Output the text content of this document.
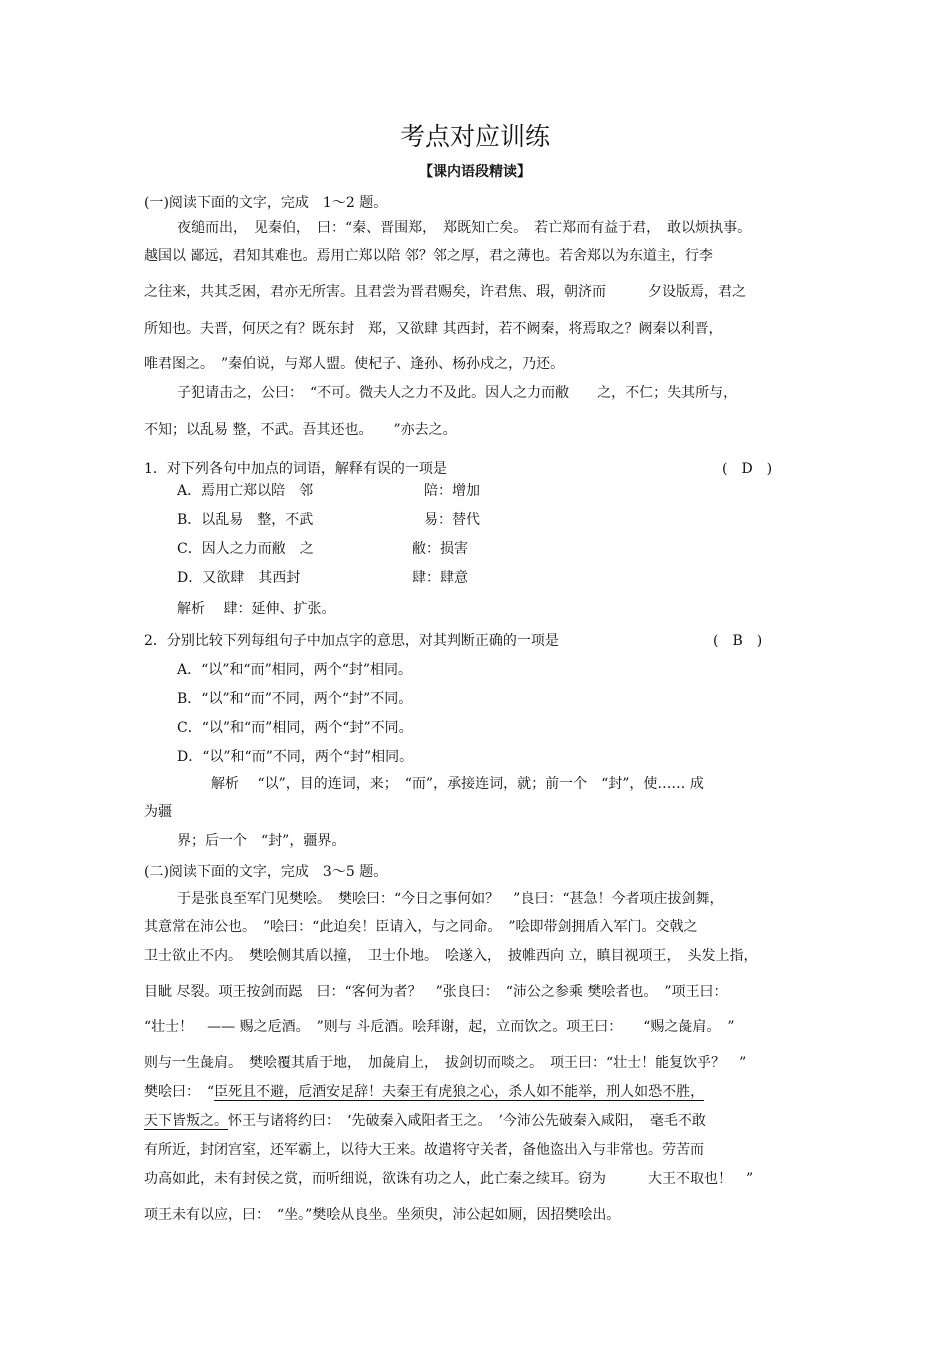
考点对应训练
【课内语段精读】
(一)阅读下面的文字，完成　1～2 题。
夜缒而出，　见秦伯，　曰：“秦、晋围郑，　郑既知亡矣。　若亡郑而有益于君，　敢以烦执事。
越国以 鄙远，君知其难也。焉用亡郑以陪 邻？邻之厚，君之薄也。若舍郑以为东道主，行李
之往来，共其乏困，君亦无所害。且君尝为晋君赐矣，许君焦、瑕，朝济而　　　夕设版焉，君之
所知也。夫晋，何厌之有？既东封　郑，又欲肆 其西封，若不阙秦，将焉取之？阙秦以利晋，
唯君图之。　”秦伯说，与郑人盟。使杞子、逢孙、杨孙戍之，乃还。
子犯请击之，公曰：　“不可。微夫人之力不及此。因人之力而敝　　之，不仁；失其所与，
不知；以乱易 整，不武。吾其还也。　　”亦去之。
1．对下列各句中加点的词语，解释有误的一项是	(　D　)
A．焉用亡郑以陪　邻	陪：增加
B．以乱易　整，不武	易：替代
C．因人之力而敝　之	敝：损害
D．又欲肆　其西封	肆：肆意
解析　 肆：延伸、扩张。
2．分别比较下列每组句子中加点字的意思，对其判断正确的一项是	(　B　)
A．“以”和“而”相同，两个“封”相同。
B．“以”和“而”不同，两个“封”不同。
C．“以”和“而”相同，两个“封”不同。
D．“以”和“而”不同，两个“封”相同。
解析　 “以”，目的连词，来；　“而”，承接连词，就；前一个　“封”，使…… 成
为疆
界；后一个　“封”，疆界。
(二)阅读下面的文字，完成　3～5 题。
于是张良至军门见樊哙。　樊哙曰：“今日之事何如？　”良曰：“甚急！今者项庄拔剑舞，
其意常在沛公也。　”哙曰：“此迫矣！臣请入，与之同命。　”哙即带剑拥盾入军门。交戟之
卫士欲止不内。　樊哙侧其盾以撞，　卫士仆地。　哙遂入，　披帷西向 立，瞋目视项王，　头发上指，
目眦 尽裂。项王按剑而跽　曰：“客何为者？　”张良曰：　“沛公之参乘 樊哙者也。　”项王曰：
“壮士！　—— 赐之卮酒。　”则与 斗卮酒。哙拜谢，起，立而饮之。项王曰：　　“赐之彘肩。　”
则与一生彘肩。　樊哙覆其盾于地，　加彘肩上，　拔剑切而啖之。　项王曰：“壮士！能复饮乎？　”
樊哙曰：　“臣死且不避，卮酒安足辞！夫秦王有虎狼之心，杀人如不能举，刑人如恐不胜，
天下皆叛之。怀王与诸将约曰：　‘先破秦入咸阳者王之。　’今沛公先破秦入咸阳，　毫毛不敢
有所近，封闭宫室，还军霸上，以待大王来。故遣将守关者，备他盗出入与非常也。劳苦而
功高如此，未有封侯之赏，而听细说，欲诛有功之人，此亡秦之续耳。窃为　　　大王不取也！　”
项王未有以应，曰：　“坐。”樊哙从良坐。坐须臾，沛公起如厕，因招樊哙出。
